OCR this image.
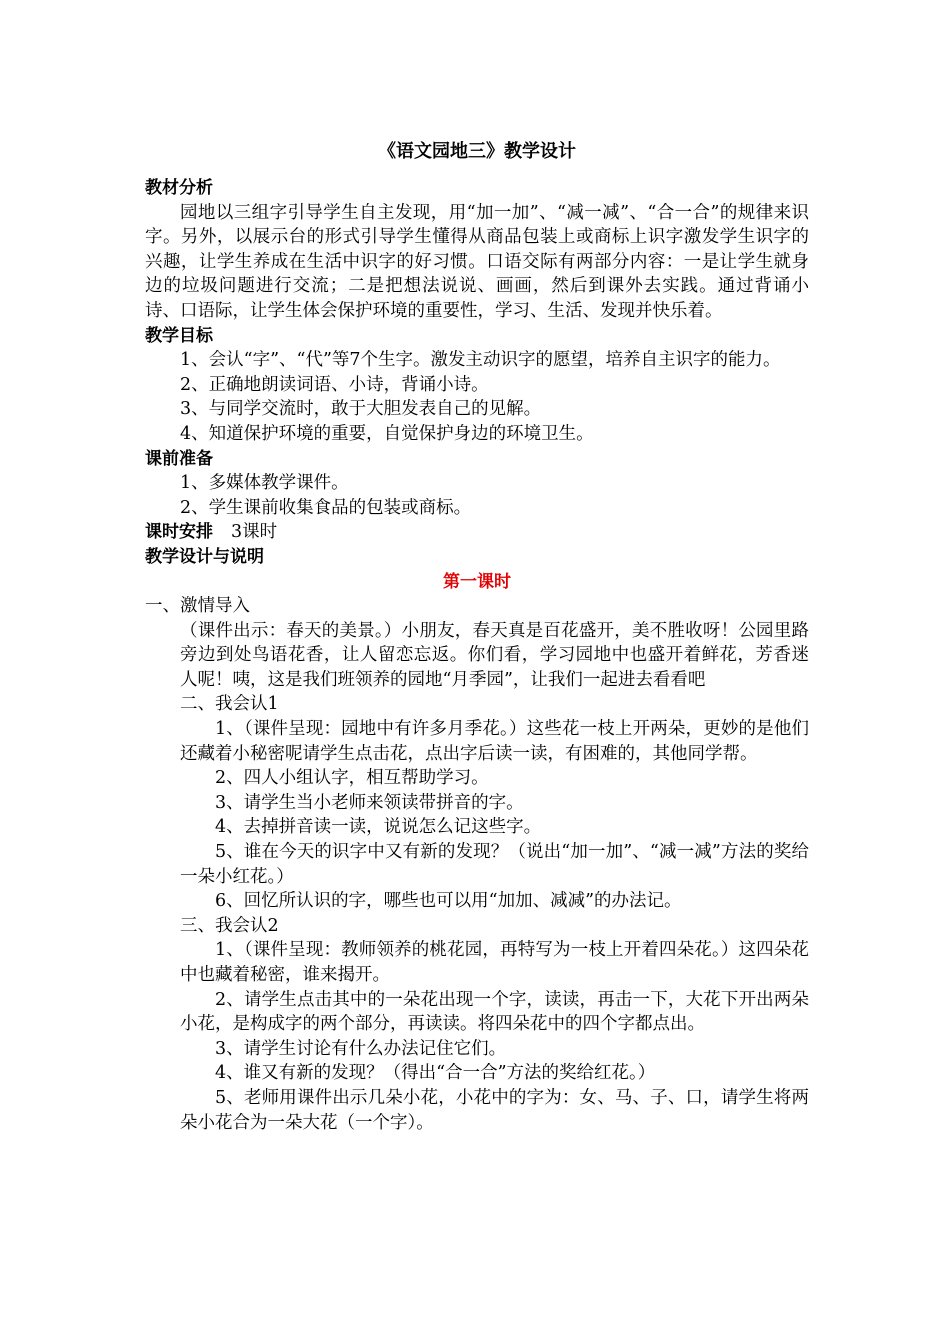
《语文园地三》教学设计
教材分析

园地以三组字引导学生自主发现，用“加一加”、“减一减”、“合一合”的规律来识字。另外，以展示台的形式引导学生懂得从商品包装上或商标上识字激发学生识字的兴趣，让学生养成在生活中识字的好习惯。口语交际有两部分内容：一是让学生就身边的垃圾问题进行交流；二是把想法说说、画画，然后到课外去实践。通过背诵小诗、口语际，让学生体会保护环境的重要性，学习、生活、发现并快乐着。

教学目标

1、会认“字”、“代”等7个生字。激发主动识字的愿望，培养自主识字的能力。

2、正确地朗读词语、小诗，背诵小诗。

3、与同学交流时，敢于大胆发表自己的见解。

4、知道保护环境的重要，自觉保护身边的环境卫生。

课前准备

1、多媒体教学课件。

2、学生课前收集食品的包装或商标。

课时安排 3课时
教学设计与说明
第一课时

一、激情导入

（课件出示：春天的美景。）小朋友，春天真是百花盛开，美不胜收呀！公园里路旁边到处鸟语花香，让人留恋忘返。你们看，学习园地中也盛开着鲜花，芳香迷人呢！咦，这是我们班领养的园地“月季园”，让我们一起进去看看吧

二、我会认1

1、（课件呈现：园地中有许多月季花。）这些花一枝上开两朵，更妙的是他们还藏着小秘密呢请学生点击花，点出字后读一读，有困难的，其他同学帮。

2、四人小组认字，相互帮助学习。

3、请学生当小老师来领读带拼音的字。

4、去掉拼音读一读，说说怎么记这些字。

5、谁在今天的识字中又有新的发现？（说出“加一加”、“减一减”方法的奖给一朵小红花。）

6、回忆所认识的字，哪些也可以用“加加、减减”的办法记。

三、我会认2

1、（课件呈现：教师领养的桃花园，再特写为一枝上开着四朵花。）这四朵花中也藏着秘密，谁来揭开。

2、请学生点击其中的一朵花出现一个字，读读，再击一下，大花下开出两朵小花，是构成字的两个部分，再读读。将四朵花中的四个字都点出。

3、请学生讨论有什么办法记住它们。

4、谁又有新的发现？（得出“合一合”方法的奖给红花。）

5、老师用课件出示几朵小花，小花中的字为：女、马、子、口，请学生将两朵小花合为一朵大花（一个字）。
